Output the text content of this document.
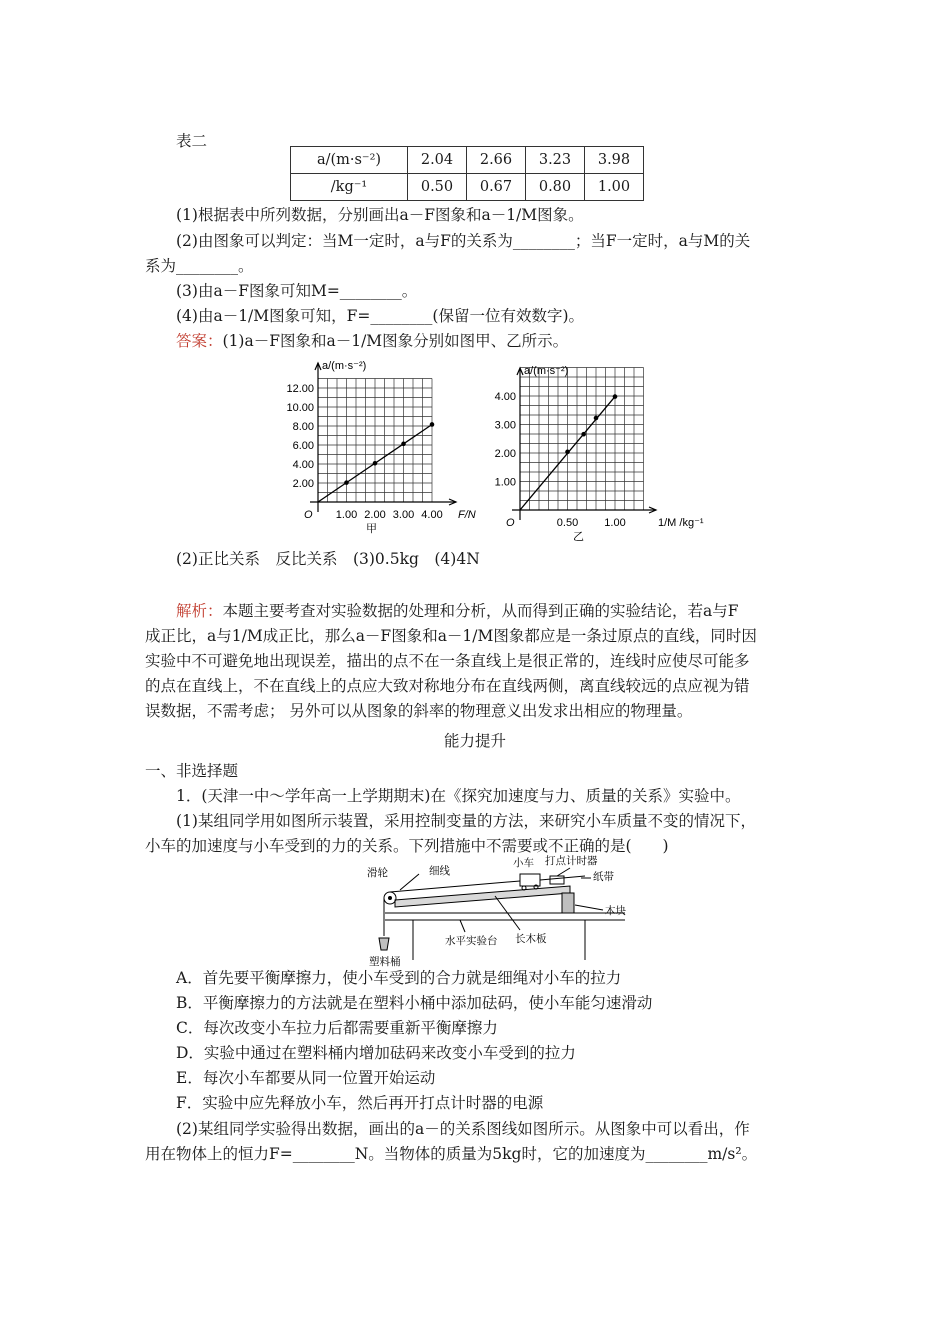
表二
a/(m·s⁻²)	2.04	2.66	3.23	3.98
/kg⁻¹	0.50	0.67	0.80	1.00
(1)根据表中所列数据，分别画出a－F图象和a－1/M图象。
(2)由图象可以判定：当M一定时，a与F的关系为________；当F一定时，a与M的关
系为________。
(3)由a－F图象可知M=________。
(4)由a－1/M图象可知，F=________(保留一位有效数字)。
答案：(1)a－F图象和a－1/M图象分别如图甲、乙所示。
2.00
4.00
6.00
8.00
10.00
12.00
1.00 2.00 3.00 4.00
a/(m·s⁻²)
F/N
O
甲
1.00
2.00
3.00
4.00
0.50 1.00
a/(m·s⁻²)
1/M /kg⁻¹
O
乙
(2)正比关系　反比关系　(3)0.5kg　(4)4N
解析：本题主要考查对实验数据的处理和分析，从而得到正确的实验结论，若a与F
成正比，a与1/M成正比，那么a－F图象和a－1/M图象都应是一条过原点的直线，同时因
实验中不可避免地出现误差，描出的点不在一条直线上是很正常的，连线时应使尽可能多
的点在直线上，不在直线上的点应大致对称地分布在直线两侧，离直线较远的点应视为错
误数据，不需考虑； 另外可以从图象的斜率的物理意义出发求出相应的物理量。
能力提升
一、非选择题
1．(天津一中～学年高一上学期期末)在《探究加速度与力、质量的关系》实验中。
(1)某组同学用如图所示装置，采用控制变量的方法，来研究小车质量不变的情况下，
小车的加速度与小车受到的力的关系。下列措施中不需要或不正确的是(　　)
滑轮	细线
小车 打点计时器
纸带
木块
长木板
水平实验台
塑料桶
A．首先要平衡摩擦力，使小车受到的合力就是细绳对小车的拉力
B．平衡摩擦力的方法就是在塑料小桶中添加砝码，使小车能匀速滑动
C．每次改变小车拉力后都需要重新平衡摩擦力
D．实验中通过在塑料桶内增加砝码来改变小车受到的拉力
E．每次小车都要从同一位置开始运动
F．实验中应先释放小车，然后再开打点计时器的电源
(2)某组同学实验得出数据，画出的a－的关系图线如图所示。从图象中可以看出，作
用在物体上的恒力F=________N。当物体的质量为5kg时，它的加速度为________m/s²。
